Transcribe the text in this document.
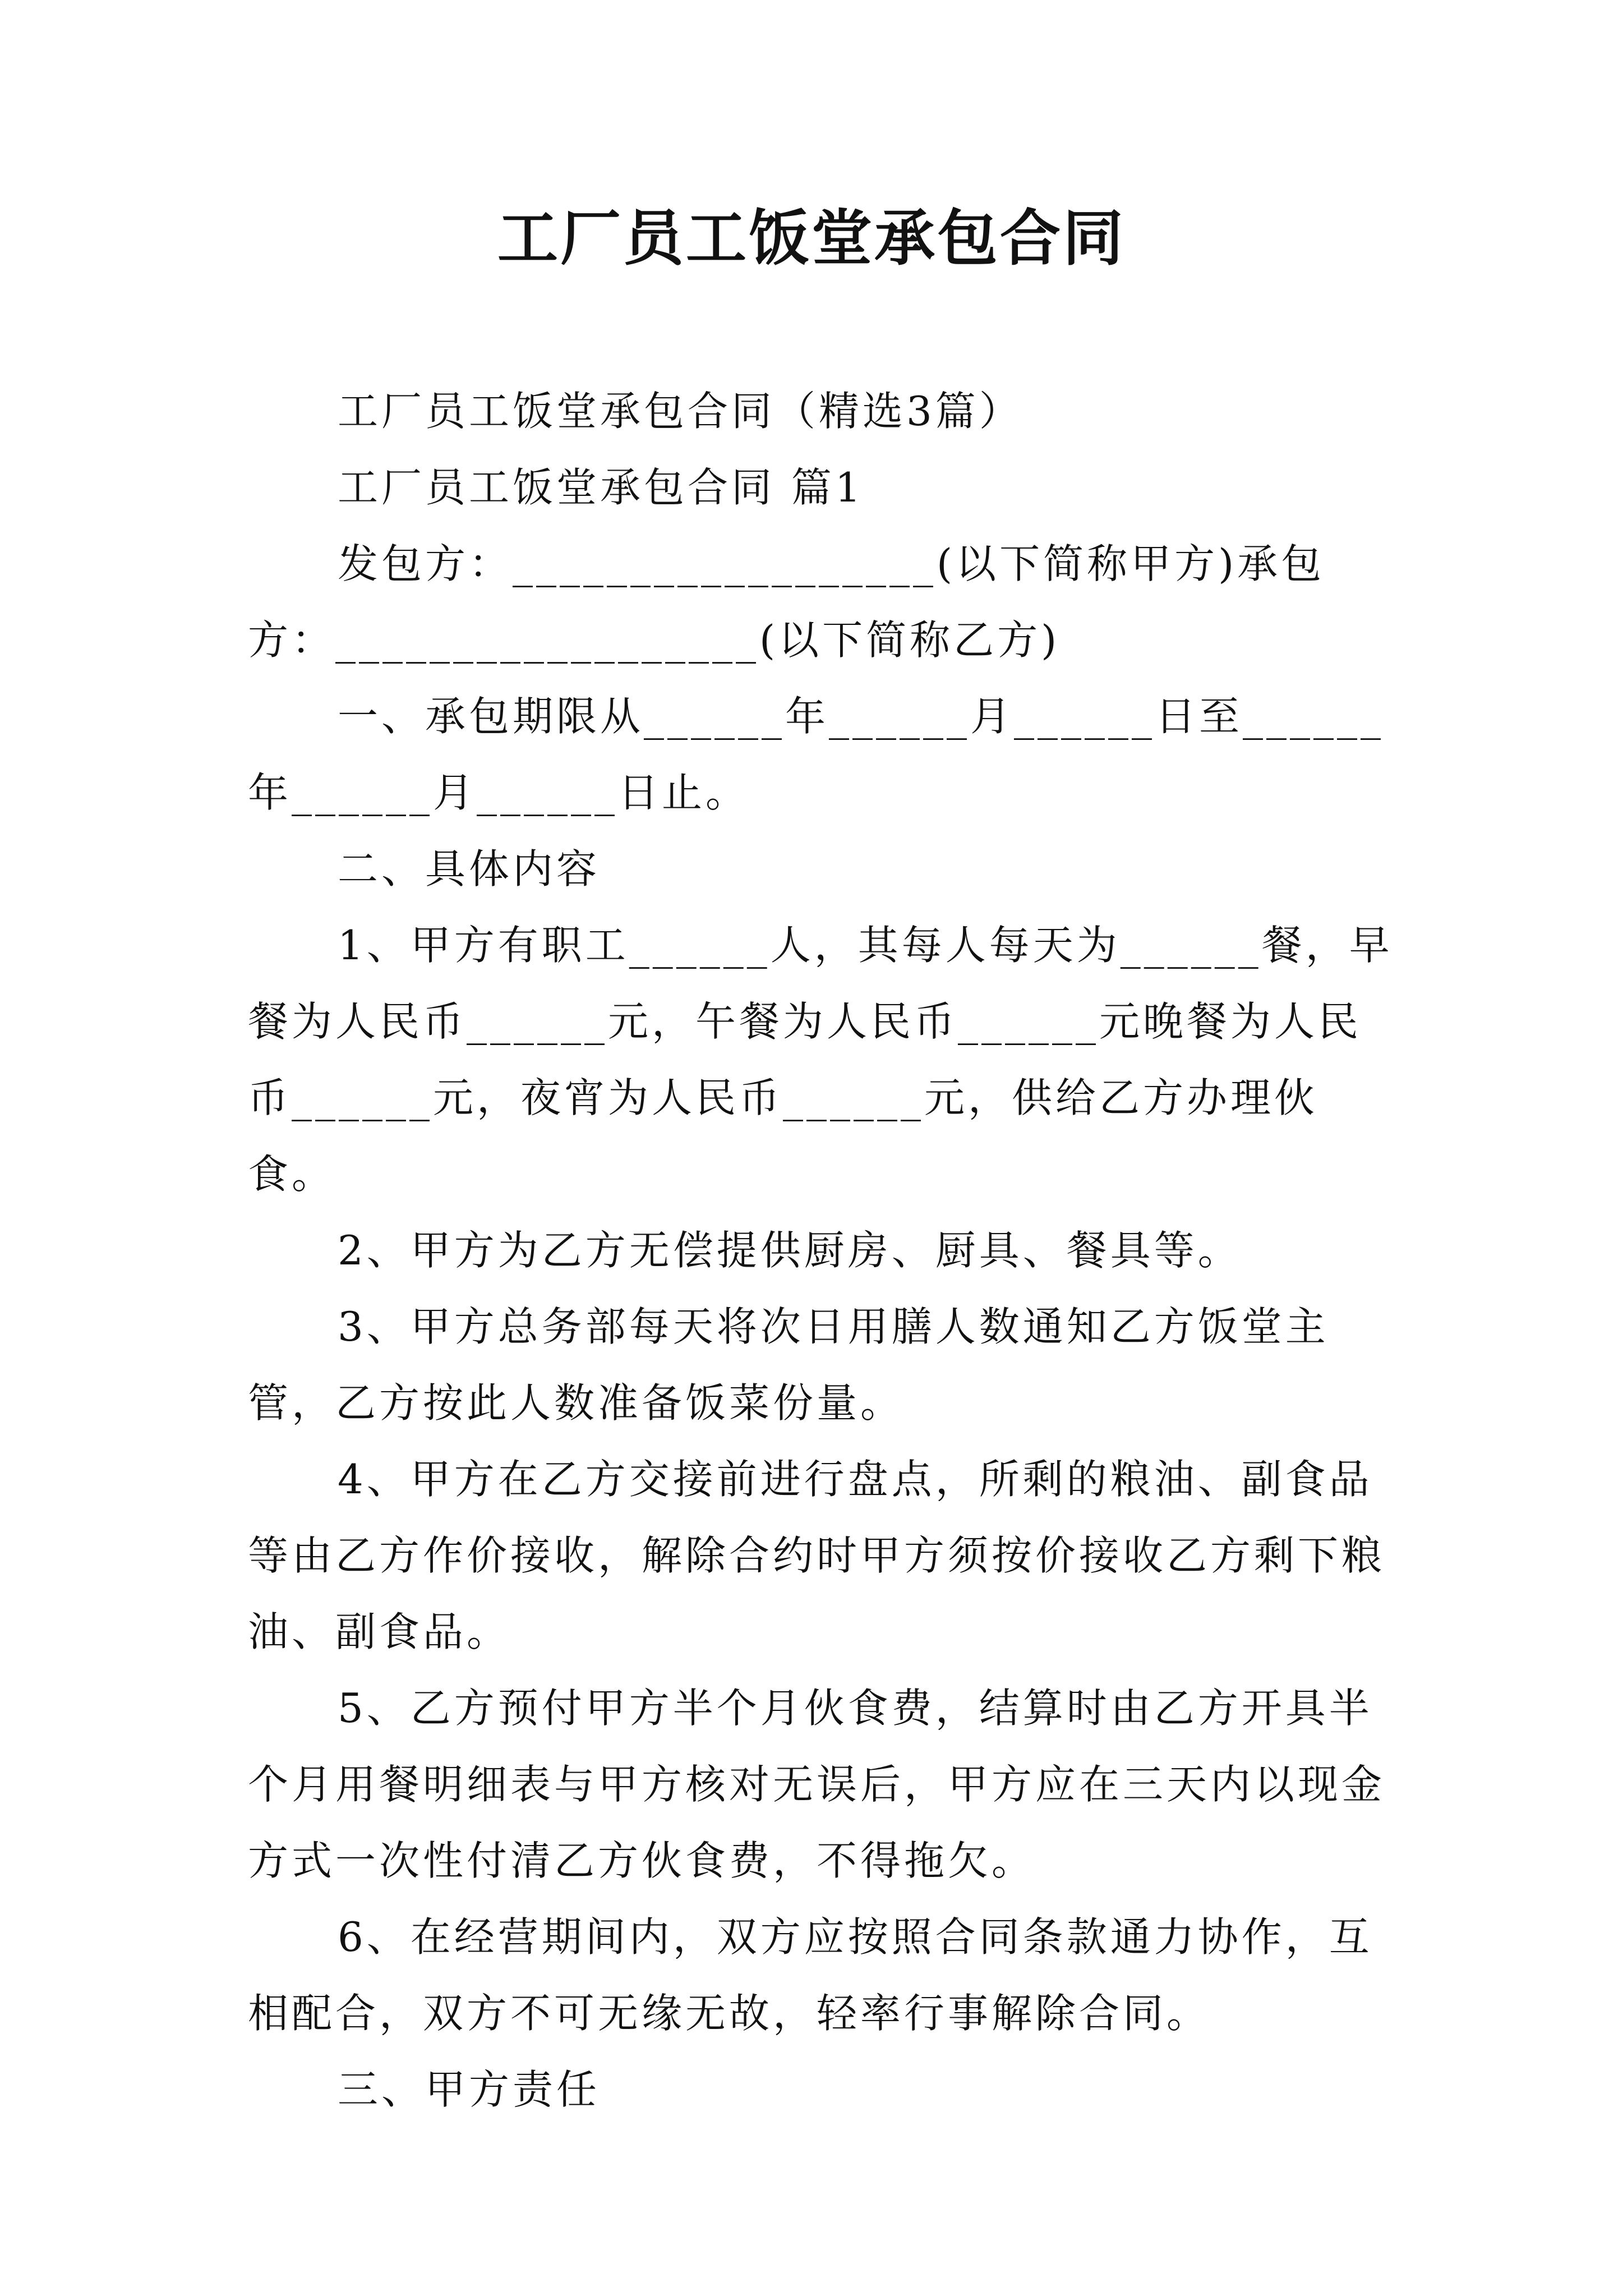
工厂员工饭堂承包合同

工厂员工饭堂承包合同（精选3篇）

工厂员工饭堂承包合同 篇1

发包方：__________________(以下简称甲方)承包方：__________________(以下简称乙方)

一、承包期限从______年______月______日至______年______月______日止。

二、具体内容

1、甲方有职工______人，其每人每天为______餐，早餐为人民币______元，午餐为人民币______元晚餐为人民币______元，夜宵为人民币______元，供给乙方办理伙食。

2、甲方为乙方无偿提供厨房、厨具、餐具等。

3、甲方总务部每天将次日用膳人数通知乙方饭堂主管，乙方按此人数准备饭菜份量。

4、甲方在乙方交接前进行盘点，所剩的粮油、副食品等由乙方作价接收，解除合约时甲方须按价接收乙方剩下粮油、副食品。

5、乙方预付甲方半个月伙食费，结算时由乙方开具半个月用餐明细表与甲方核对无误后，甲方应在三天内以现金方式一次性付清乙方伙食费，不得拖欠。

6、在经营期间内，双方应按照合同条款通力协作，互相配合，双方不可无缘无故，轻率行事解除合同。

三、甲方责任
